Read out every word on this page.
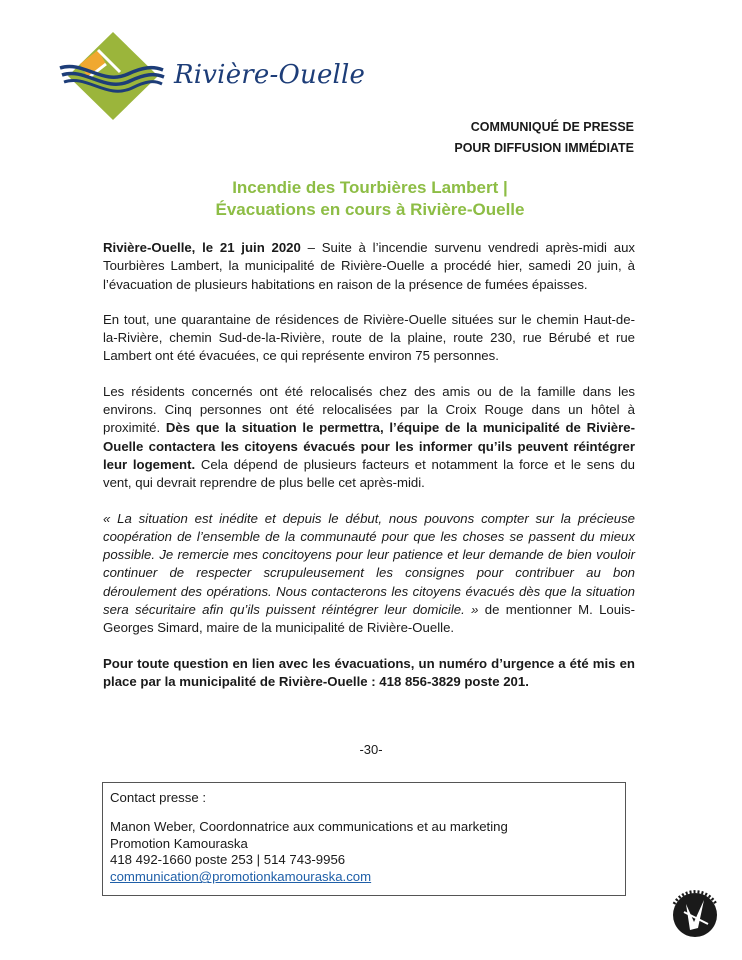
Rivière-Ouelle
COMMUNIQUÉ DE PRESSE
POUR DIFFUSION IMMÉDIATE
Incendie des Tourbières Lambert |
Évacuations en cours à Rivière-Ouelle

Rivière-Ouelle, le 21 juin 2020 – Suite à l’incendie survenu vendredi après-midi aux Tourbières Lambert, la municipalité de Rivière-Ouelle a procédé hier, samedi 20 juin, à l’évacuation de plusieurs habitations en raison de la présence de fumées épaisses.

En tout, une quarantaine de résidences de Rivière-Ouelle situées sur le chemin Haut-de-la-Rivière, chemin Sud-de-la-Rivière, route de la plaine, route 230, rue Bérubé et rue Lambert ont été évacuées, ce qui représente environ 75 personnes.

Les résidents concernés ont été relocalisés chez des amis ou de la famille dans les environs. Cinq personnes ont été relocalisées par la Croix Rouge dans un hôtel à proximité. Dès que la situation le permettra, l’équipe de la municipalité de Rivière-Ouelle contactera les citoyens évacués pour les informer qu’ils peuvent réintégrer leur logement. Cela dépend de plusieurs facteurs et notamment la force et le sens du vent, qui devrait reprendre de plus belle cet après-midi.

« La situation est inédite et depuis le début, nous pouvons compter sur la précieuse coopération de l’ensemble de la communauté pour que les choses se passent du mieux possible. Je remercie mes concitoyens pour leur patience et leur demande de bien vouloir continuer de respecter scrupuleusement les consignes pour contribuer au bon déroulement des opérations. Nous contacterons les citoyens évacués dès que la situation sera sécuritaire afin qu’ils puissent réintégrer leur domicile. » de mentionner M. Louis-Georges Simard, maire de la municipalité de Rivière-Ouelle.

Pour toute question en lien avec les évacuations, un numéro d’urgence a été mis en place par la municipalité de Rivière-Ouelle : 418 856-3829 poste 201.

-30-
Contact presse :
Manon Weber, Coordonnatrice aux communications et au marketing
Promotion Kamouraska
418 492-1660 poste 253 | 514 743-9956
communication@promotionkamouraska.com
